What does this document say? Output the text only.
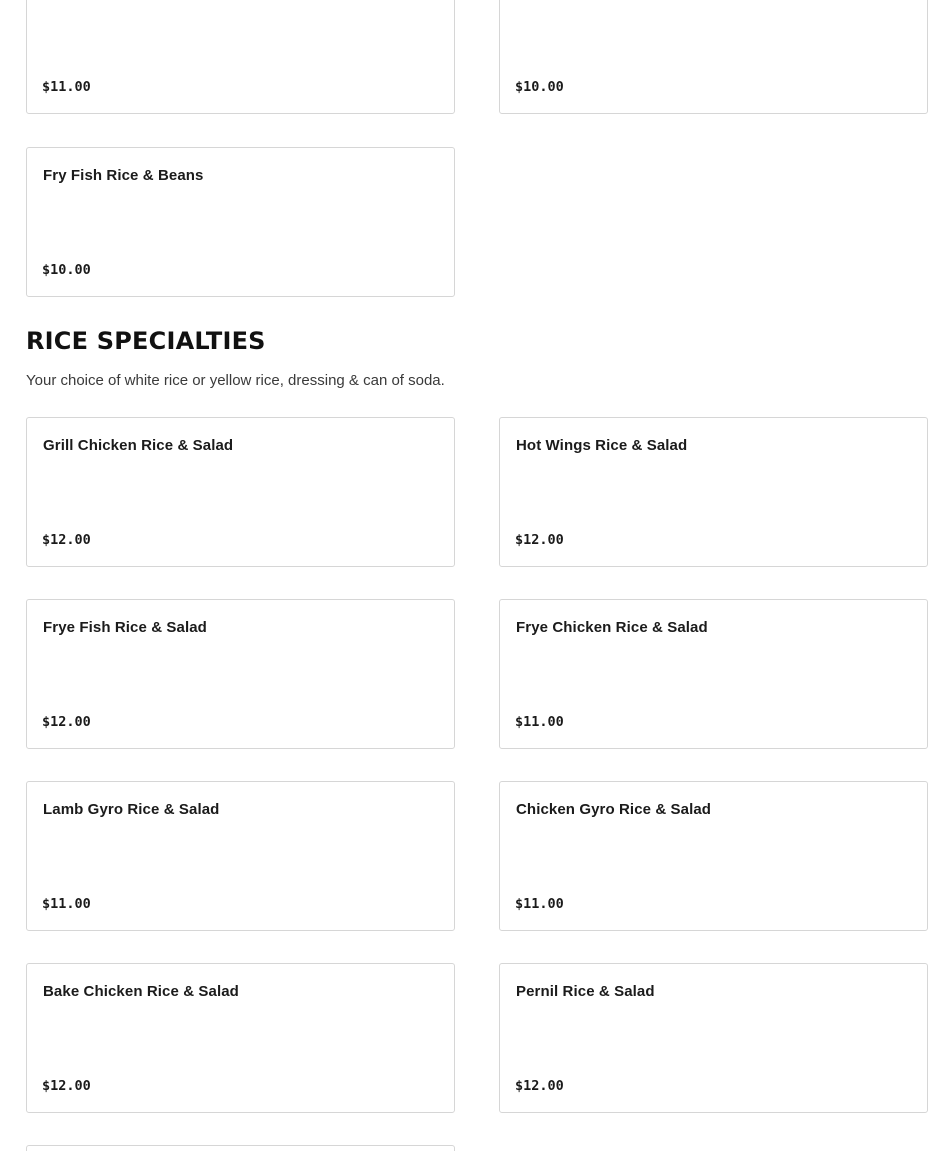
$11.00	$10.00
Fry Fish Rice & Beans
$10.00
RICE SPECIALTIES

Your choice of white rice or yellow rice, dressing & can of soda.

Grill Chicken Rice & Salad
$12.00
Hot Wings Rice & Salad
$12.00
Frye Fish Rice & Salad
$12.00
Frye Chicken Rice & Salad
$11.00
Lamb Gyro Rice & Salad
$11.00
Chicken Gyro Rice & Salad
$11.00
Bake Chicken Rice & Salad
$12.00
Pernil Rice & Salad
$12.00
